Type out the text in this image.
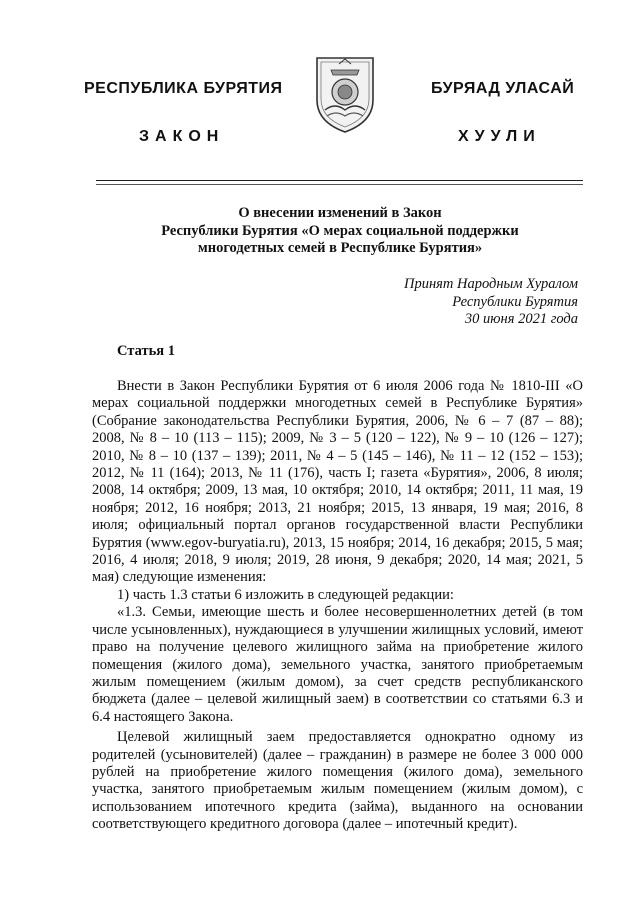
РЕСПУБЛИКА БУРЯТИЯ
ЗАКОН
БУРЯАД УЛАСАЙ
ХУУЛИ
О внесении изменений в Закон
Республики Бурятия «О мерах социальной поддержки
многодетных семей в Республике Бурятия»
Принят Народным Хуралом
Республики Бурятия
30 июня 2021 года
Статья 1

Внести в Закон Республики Бурятия от 6 июля 2006 года № 1810-III «О мерах социальной поддержки многодетных семей в Республике Бурятия» (Собрание законодательства Республики Бурятия, 2006, № 6 – 7 (87 – 88); 2008, № 8 – 10 (113 – 115); 2009, № 3 – 5 (120 – 122), № 9 – 10 (126 – 127); 2010, № 8 – 10 (137 – 139); 2011, № 4 – 5 (145 – 146), № 11 – 12 (152 – 153); 2012, № 11 (164); 2013, № 11 (176), часть I; газета «Бурятия», 2006, 8 июля; 2008, 14 октября; 2009, 13 мая, 10 октября; 2010, 14 октября; 2011, 11 мая, 19 ноября; 2012, 16 ноября; 2013, 21 ноября; 2015, 13 января, 19 мая; 2016, 8 июля; официальный портал органов государственной власти Республики Бурятия (www.egov-buryatia.ru), 2013, 15 ноября; 2014, 16 декабря; 2015, 5 мая; 2016, 4 июля; 2018, 9 июля; 2019, 28 июня, 9 декабря; 2020, 14 мая; 2021, 5 мая) следующие изменения:

1) часть 1.3 статьи 6 изложить в следующей редакции:

«1.3. Семьи, имеющие шесть и более несовершеннолетних детей (в том числе усыновленных), нуждающиеся в улучшении жилищных условий, имеют право на получение целевого жилищного займа на приобретение жилого помещения (жилого дома), земельного участка, занятого приобретаемым жилым помещением (жилым домом), за счет средств республиканского бюджета (далее – целевой жилищный заем) в соответствии со статьями 6.3 и 6.4 настоящего Закона.

Целевой жилищный заем предоставляется однократно одному из родителей (усыновителей) (далее – гражданин) в размере не более 3 000 000 рублей на приобретение жилого помещения (жилого дома), земельного участка, занятого приобретаемым жилым помещением (жилым домом), с использованием ипотечного кредита (займа), выданного на основании соответствующего кредитного договора (далее – ипотечный кредит).
